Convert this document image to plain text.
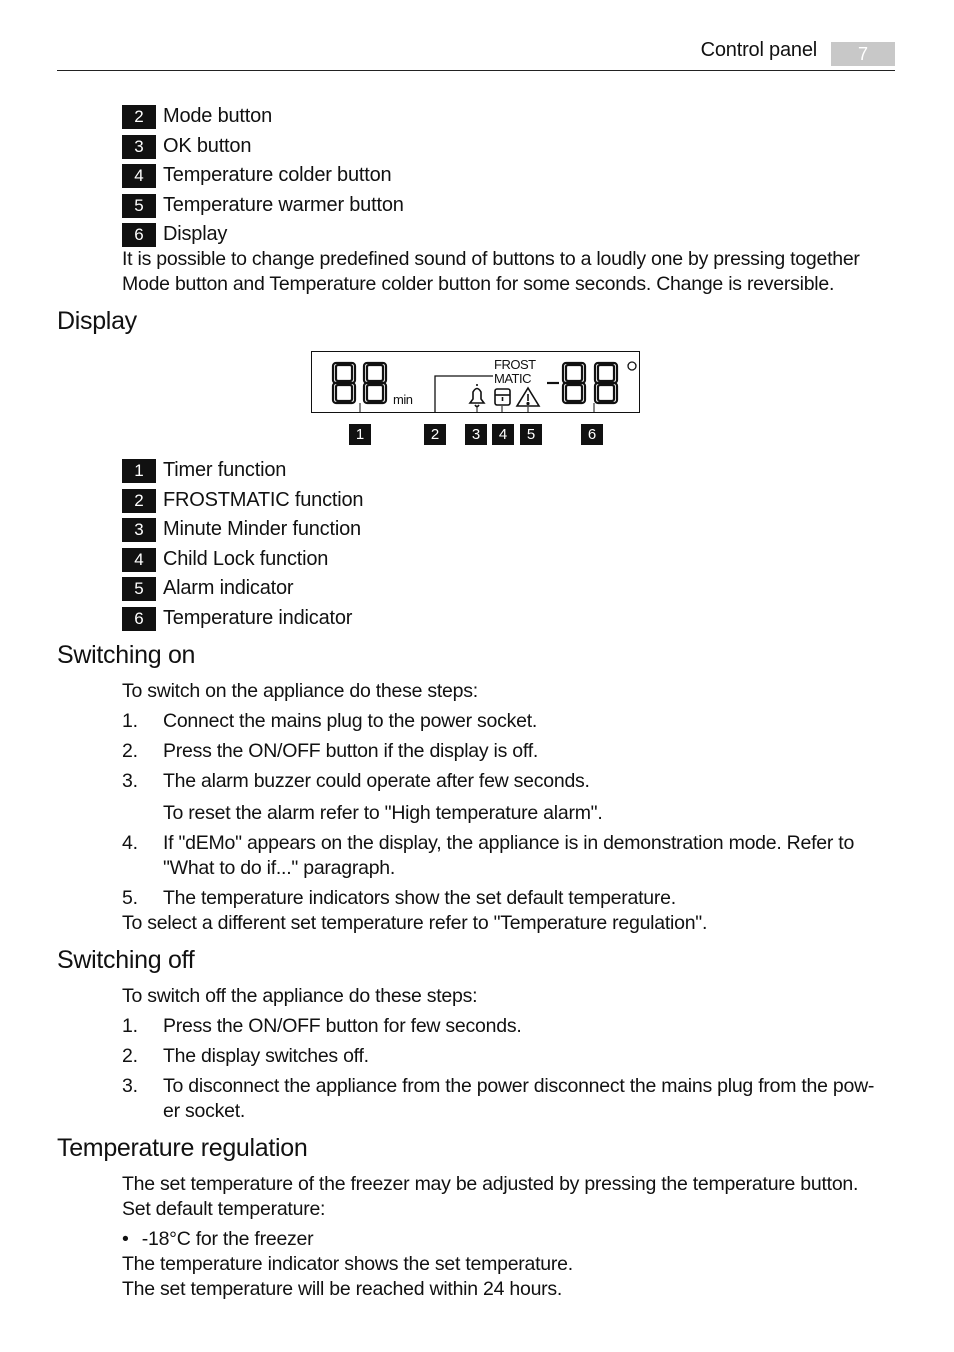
Control panel	7
2 Mode button
3 OK button
4 Temperature colder button
5 Temperature warmer button
6 Display
It is possible to change predefined sound of buttons to a loudly one by pressing together
Mode button and Temperature colder button for some seconds. Change is reversible.
Display
min
FROST
MATIC
1	2	3	4	5	6
1 Timer function
2 FROSTMATIC function
3 Minute Minder function
4 Child Lock function
5 Alarm indicator
6 Temperature indicator
Switching on
To switch on the appliance do these steps:
1. Connect the mains plug to the power socket.
2. Press the ON/OFF button if the display is off.
3. The alarm buzzer could operate after few seconds.
To reset the alarm refer to "High temperature alarm".
4. If "dEMo" appears on the display, the appliance is in demonstration mode. Refer to
"What to do if..." paragraph.
5. The temperature indicators show the set default temperature.
To select a different set temperature refer to "Temperature regulation".
Switching off
To switch off the appliance do these steps:
1. Press the ON/OFF button for few seconds.
2. The display switches off.
3. To disconnect the appliance from the power disconnect the mains plug from the pow-
er socket.
Temperature regulation
The set temperature of the freezer may be adjusted by pressing the temperature button.
Set default temperature:
• -18°C for the freezer
The temperature indicator shows the set temperature.
The set temperature will be reached within 24 hours.
